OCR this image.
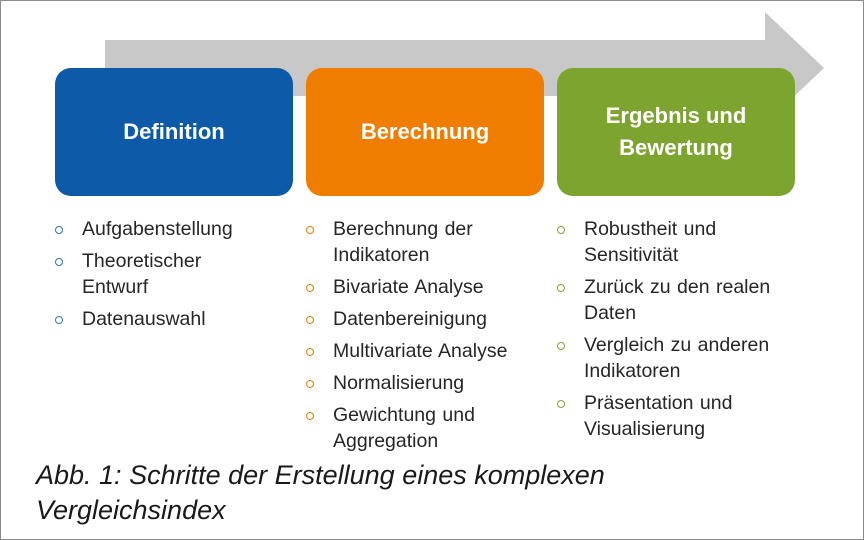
Definition	Berechnung
Ergebnis und
Bewertung
Aufgabenstellung
Theoretischer
Entwurf
Datenauswahl
Berechnung der
Indikatoren
Bivariate Analyse
Datenbereinigung
Multivariate Analyse
Normalisierung
Gewichtung und
Aggregation
Robustheit und
Sensitivität
Zurück zu den realen
Daten
Vergleich zu anderen
Indikatoren
Präsentation und
Visualisierung
Abb. 1: Schritte der Erstellung eines komplexen
Vergleichsindex
